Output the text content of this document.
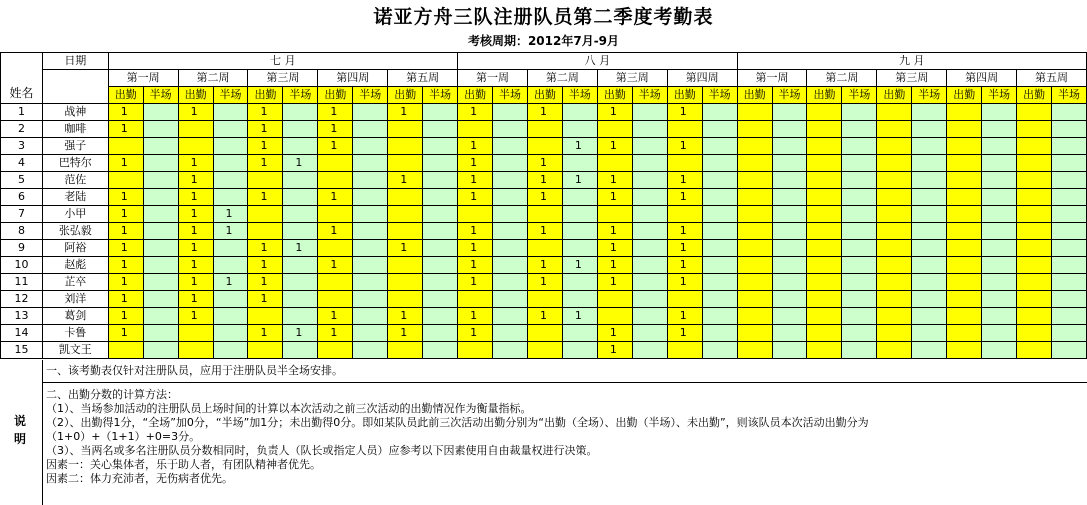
诺亚方舟三队注册队员第二季度考勤表
考核周期：2012年7月-9月
姓名	日期	七 月										八 月								九 月									
		第一周		第二周		第三周		第四周		第五周		第一周		第二周		第三周		第四周		第一周		第二周		第三周		第四周		第五周	
		出勤	半场	出勤	半场	出勤	半场	出勤	半场	出勤	半场	出勤	半场	出勤	半场	出勤	半场	出勤	半场	出勤	半场	出勤	半场	出勤	半场	出勤	半场	出勤	半场
1	战神	1		1		1		1		1		1		1		1		1											

2	咖啡	1				1		1																					

3	强子					1		1				1			1	1		1											

4	巴特尔	1		1		1	1					1		1															

5	范佐			1						1		1		1	1	1		1											

6	老陆	1		1		1		1				1		1		1		1											

7	小甲	1		1	1																								

8	张弘毅	1		1	1			1				1		1		1		1											

9	阿裕	1		1		1	1			1		1				1		1											

10	赵彪	1		1		1		1				1		1	1	1		1											

11	芷卒	1		1	1	1						1		1		1		1											

12	刘洋	1		1		1																							

13	葛剑	1		1				1		1		1		1	1			1											

14	卡鲁	1				1	1	1		1		1				1		1											

15	凯文王															1													

说明

一、该考勤表仅针对注册队员，应用于注册队员半全场安排。

二、出勤分数的计算方法：

（1）、当场参加活动的注册队员上场时间的计算以本次活动之前三次活动的出勤情况作为衡量指标。

（2）、出勤得1分，“全场”加0分，“半场”加1分；未出勤得0分。即如某队员此前三次活动出勤分别为“出勤（全场）、出勤（半场）、未出勤”，则该队员本次活动出勤分为

（1+0）+（1+1）+0=3分。

（3）、当两名或多名注册队员分数相同时，负责人（队长或指定人员）应参考以下因素使用自由裁量权进行决策。

因素一：关心集体者，乐于助人者，有团队精神者优先。

因素二：体力充沛者，无伤病者优先。
